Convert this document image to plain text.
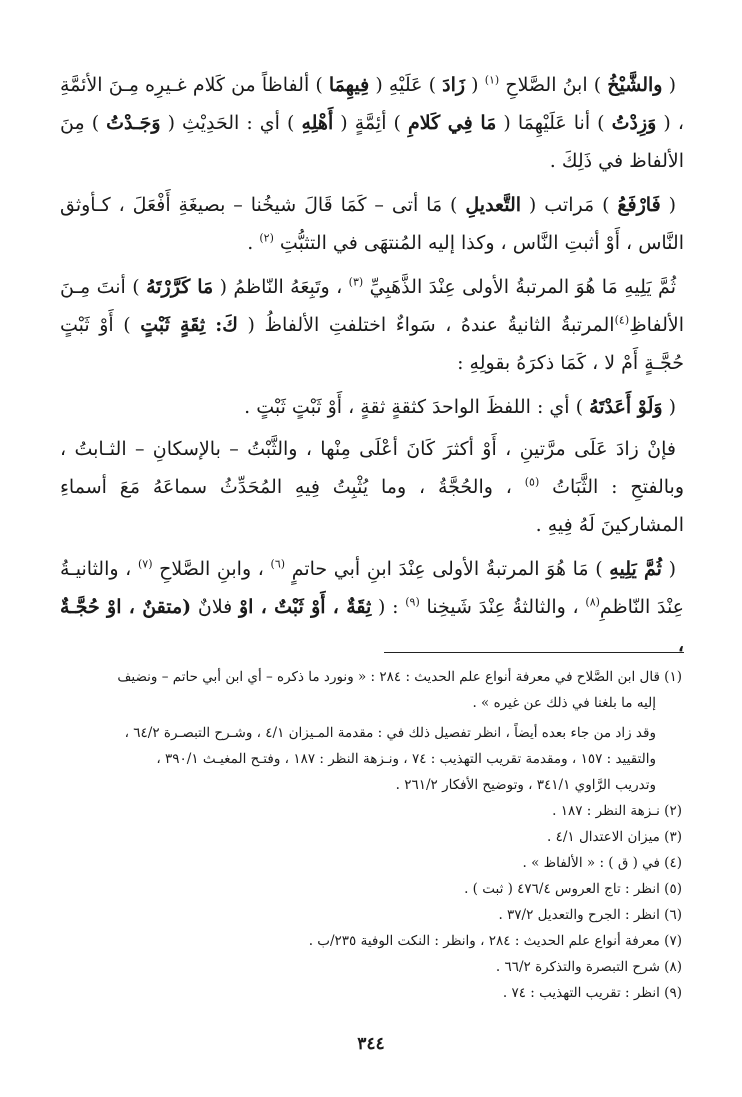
( والشَّيْخُ ) ابنُ الصَّلاحِ $^{(١)}$ ( زَادَ ) عَلَيْهِ ( فِيهِمَا ) ألفاظاً من كَلام غـيرِه مِـنَ الأئمَّةِ ، ( وَزِدْتُ ) أنا عَلَيْهِمَا ( مَا فِي كَلامِ ) أئِمَّةٍ ( أَهْلِهِ ) أي : الحَدِيْثِ ( وَجَـدْتُ ) مِنَ الألفاظ في ذَلِكَ .

( فَارْفَعُ ) مَراتب ( التَّعديلِ ) مَا أتى – كَمَا قَالَ شيخُنا – بصيغَةِ أَفْعَلَ ، كـأوثق النَّاس ، أَوْ أثبتِ النَّاس ، وكذا إليه المُنتهَى في التثبُّتِ $^{(٢)}$ .

ثُمَّ يَلِيهِ مَا هُوَ المرتبةُ الأولى عِنْدَ الذَّهَبِيِّ $^{(٣)}$ ، وتَبِعَهُ النّاظمُ ( مَا كَرَّرْتَهُ ) أنتَ مِـنَ الألفاظِ$^{(٤)}$المرتبةُ الثانيةُ عندهُ ، سَواءٌ اختلفتِ الألفاظُ ( كَ: ثِقَةٍ ثَبْتٍ ) أَوْ ثَبْتٍ حُجَّـةٍ أَمْ لا ، كَمَا ذكرَهُ بقولِهِ :

( وَلَوْ أَعَدْتَهُ ) أي : اللفظَ الواحدَ كثقةٍ ثقةٍ ، أَوْ ثَبْتٍ ثَبْتٍ .

فإنْ زادَ عَلَى مرَّتينِ ، أَوْ أكثرَ كَانَ أعْلَى مِنْها ، والثَّبْتُ – بالإسكانِ – الثـابتُ ، وبالفتحِ : الثَّبَاتُ $^{(٥)}$ ، والحُجَّةُ ، وما يُثْبِتُ فِيهِ المُحَدِّثُ سماعَهُ مَعَ أسماءِ المشاركينَ لَهُ فِيهِ .

( ثُمَّ يَلِيهِ ) مَا هُوَ المرتبةُ الأولى عِنْدَ ابنِ أبي حاتمٍ $^{(٦)}$ ، وابنِ الصَّلاحِ $^{(٧)}$ ، والثانيـةُ عِنْدَ النّاظمِ$^{(٨)}$ ، والثالثةُ عِنْدَ شَيخِنا $^{(٩)}$ : ( ثِقَةٌ ، أَوْ ثَبْتٌ ، اوْ فلانٌ (متقنٌ ، اوْ حُجَّـةٌ ،

(١) قال ابن الصَّلاح في معرفة أنواع علم الحديث : ٢٨٤ : « ونورد ما ذكره – أي ابن أبي حاتم – ونضيف

إليه ما بلغنا في ذلك عن غيره » .

وقد زاد من جاء بعده أيضاً ، انظر تفصيل ذلك في : مقدمة المـيزان ٤/١ ، وشـرح التبصـرة ٦٤/٢ ،

والتقييد : ١٥٧ ، ومقدمة تقريب التهذيب : ٧٤ ، ونـزهة النظر : ١٨٧ ، وفتـح المغيـث ٣٩٠/١ ،

وتدريب الرَّاوي ٣٤١/١ ، وتوضيح الأفكار ٢٦١/٢ .

(٢) نـزهة النظر : ١٨٧ .

(٣) ميزان الاعتدال ٤/١ .

(٤) في ( ق ) : « الألفاظ » .

(٥) انظر : تاج العروس ٤٧٦/٤ ( ثبت ) .

(٦) انظر : الجرح والتعديل ٣٧/٢ .

(٧) معرفة أنواع علم الحديث : ٢٨٤ ، وانظر : النكت الوفية ٢٣٥/ب .

(٨) شرح التبصرة والتذكرة ٦٦/٢ .

(٩) انظر : تقريب التهذيب : ٧٤ .

٣٤٤
